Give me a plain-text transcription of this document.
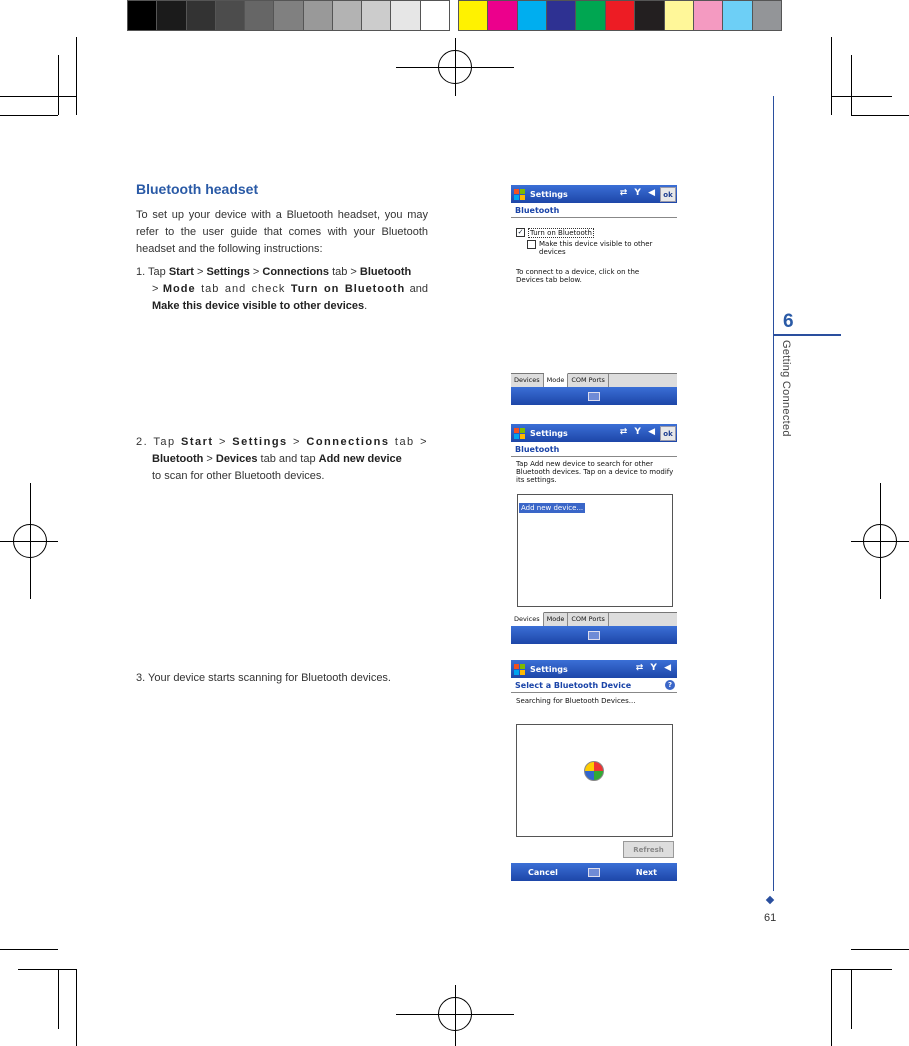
6
Getting Connected
61
Bluetooth headset
To set up your device with a Bluetooth headset, you may refer to the user guide that comes with your Bluetooth headset and the following instructions:
1. Tap Start > Settings > Connections tab > Bluetooth
> Mode tab and check Turn on Bluetooth and
Make this device visible to other devices.
2. Tap Start > Settings > Connections tab >
Bluetooth > Devices tab and tap Add new device
to scan for other Bluetooth devices.
3. Your device starts scanning for Bluetooth devices.
Settings	⇄ Y ◀ ok
Bluetooth
✓ Turn on Bluetooth
Make this device visible to other devices
To connect to a device, click on the Devices tab below.
Devices	Mode	COM Ports
Settings	⇄ Y ◀ ok
Bluetooth
Tap Add new device to search for other Bluetooth devices. Tap on a device to modify its settings.
Add new device...
Devices	Mode	COM Ports
Settings	⇄ Y ◀
Select a Bluetooth Device	?
Searching for Bluetooth Devices...
Refresh
Cancel	Next
